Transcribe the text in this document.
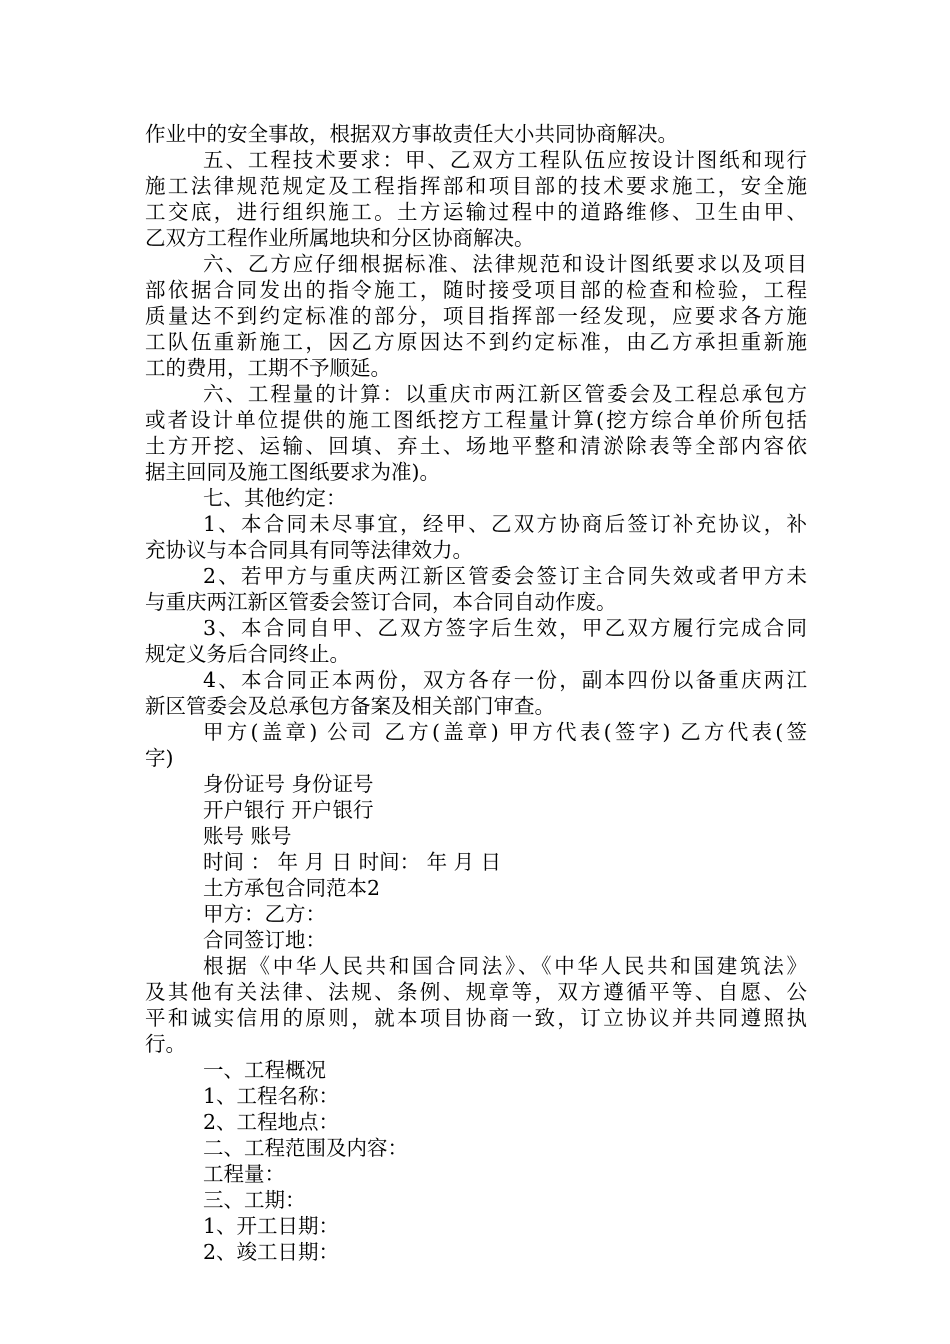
作业中的安全事故，根据双方事故责任大小共同协商解决。
五、工程技术要求：甲、乙双方工程队伍应按设计图纸和现行
施工法律规范规定及工程指挥部和项目部的技术要求施工，安全施
工交底，进行组织施工。土方运输过程中的道路维修、卫生由甲、
乙双方工程作业所属地块和分区协商解决。
六、乙方应仔细根据标准、法律规范和设计图纸要求以及项目
部依据合同发出的指令施工，随时接受项目部的检查和检验，工程
质量达不到约定标准的部分，项目指挥部一经发现，应要求各方施
工队伍重新施工，因乙方原因达不到约定标准，由乙方承担重新施
工的费用，工期不予顺延。
六、工程量的计算：以重庆市两江新区管委会及工程总承包方
或者设计单位提供的施工图纸挖方工程量计算(挖方综合单价所包括
土方开挖、运输、回填、弃土、场地平整和清淤除表等全部内容依
据主回同及施工图纸要求为准)。
七、其他约定：
1、本合同未尽事宜，经甲、乙双方协商后签订补充协议，补
充协议与本合同具有同等法律效力。
2、若甲方与重庆两江新区管委会签订主合同失效或者甲方未
与重庆两江新区管委会签订合同，本合同自动作废。
3、本合同自甲、乙双方签字后生效，甲乙双方履行完成合同
规定义务后合同终止。
4、本合同正本两份，双方各存一份，副本四份以备重庆两江
新区管委会及总承包方备案及相关部门审查。
甲方(盖章) 公司 乙方(盖章) 甲方代表(签字) 乙方代表(签
字)
身份证号 身份证号
开户银行 开户银行
账号 账号
时间 ： 年 月 日 时间： 年 月 日
土方承包合同范本2
甲方：乙方：
合同签订地：
根据《中华人民共和国合同法》、《中华人民共和国建筑法》
及其他有关法律、法规、条例、规章等，双方遵循平等、自愿、公
平和诚实信用的原则，就本项目协商一致，订立协议并共同遵照执
行。
一、工程概况
1、工程名称：
2、工程地点：
二、工程范围及内容：
工程量：
三、工期：
1、开工日期：
2、竣工日期：
